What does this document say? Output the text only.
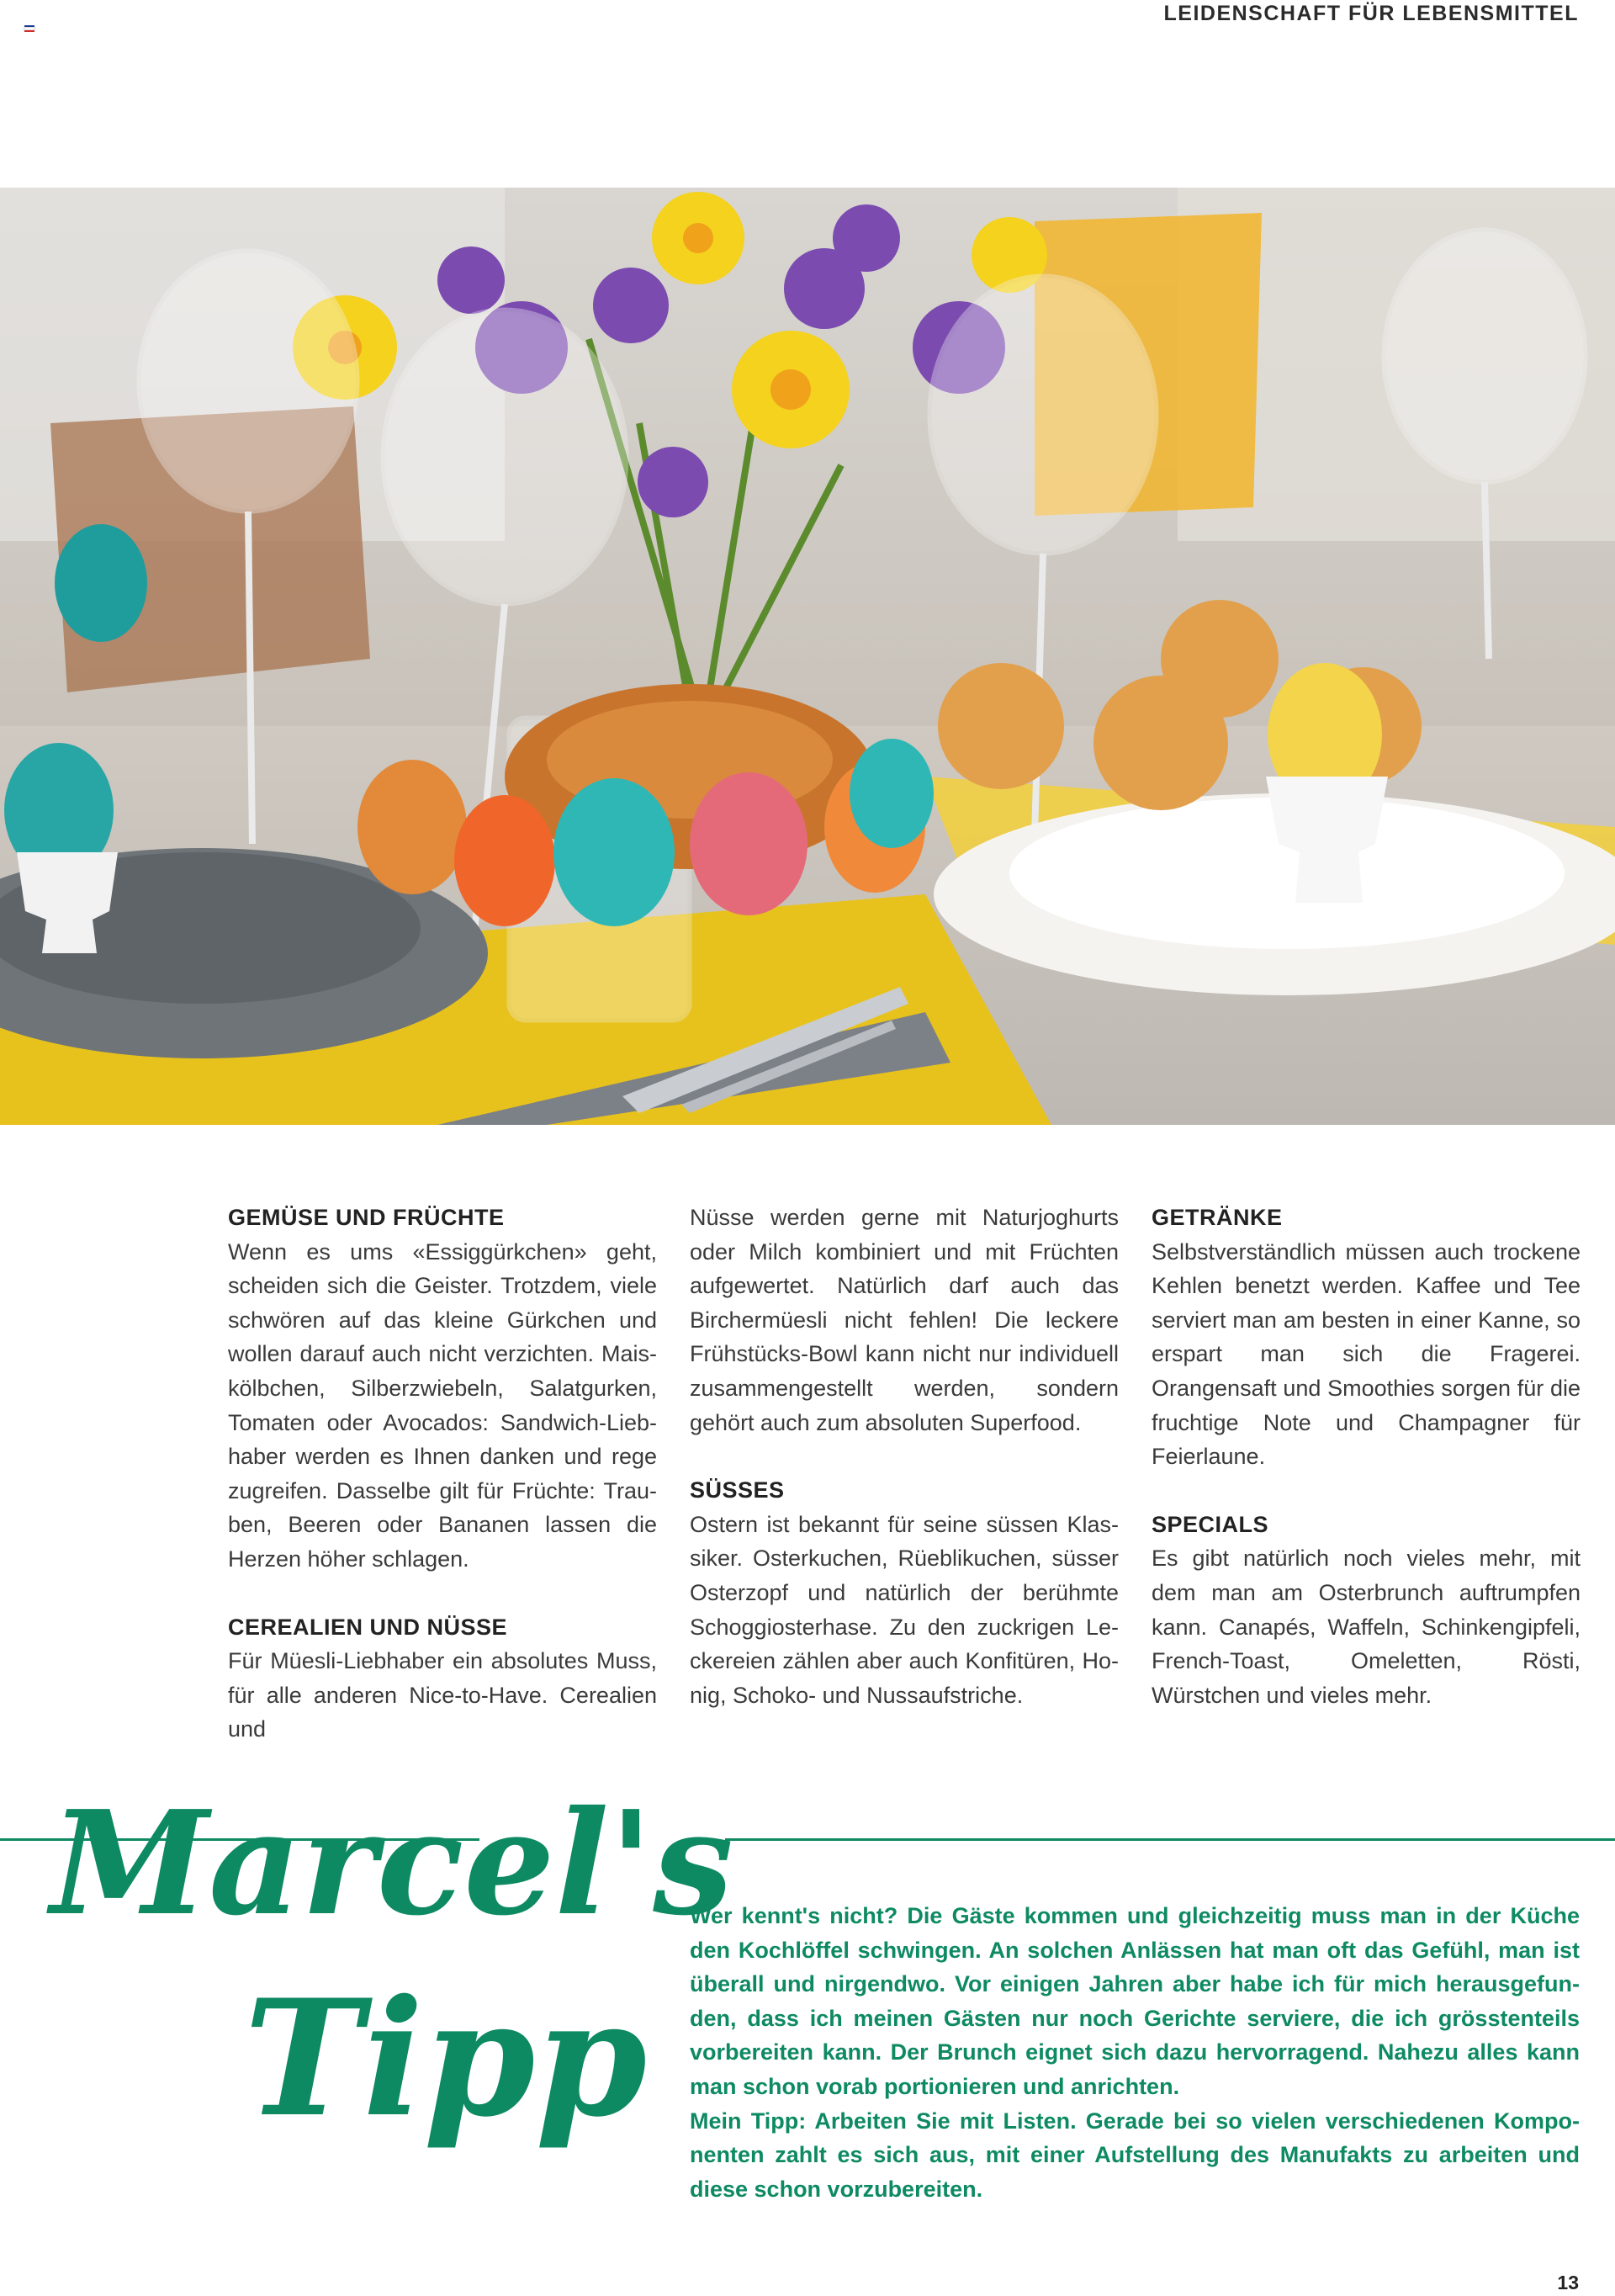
LEIDENSCHAFT FÜR LEBENSMITTEL
GEMÜSE UND FRÜCHTE

Wenn es ums «Essiggürkchen» geht, scheiden sich die Geister. Trotzdem, viele schwören auf das kleine Gürkchen und wollen darauf auch nicht verzichten. Maiskölbchen, Silberzwiebeln, Salatgurken, Tomaten oder Avocados: Sandwich-Liebhaber werden es Ihnen danken und rege zugreifen. Dasselbe gilt für Früchte: Trauben, Beeren oder Bananen lassen die Herzen höher schlagen.

CEREALIEN UND NÜSSE

Für Müesli-Liebhaber ein absolutes Muss, für alle anderen Nice-to-Have. Cerealien und

Nüsse werden gerne mit Naturjoghurts oder Milch kombiniert und mit Früchten aufgewertet. Natürlich darf auch das Birchermüesli nicht fehlen! Die leckere Frühstücks-Bowl kann nicht nur individuell zusammengestellt werden, sondern gehört auch zum absoluten Superfood.

SÜSSES

Ostern ist bekannt für seine süssen Klassiker. Osterkuchen, Rüeblikuchen, süsser Osterzopf und natürlich der berühmte Schoggiosterhase. Zu den zuckrigen Leckereien zählen aber auch Konfitüren, Honig, Schoko- und Nussaufstriche.

GETRÄNKE

Selbstverständlich müssen auch trockene Kehlen benetzt werden. Kaffee und Tee serviert man am besten in einer Kanne, so erspart man sich die Fragerei. Orangensaft und Smoothies sorgen für die fruchtige Note und Champagner für Feierlaune.

SPECIALS

Es gibt natürlich noch vieles mehr, mit dem man am Osterbrunch auftrumpfen kann. Canapés, Waffeln, Schinkengipfeli, French-Toast, Omeletten, Rösti, Würstchen und vieles mehr.

Marcel's
Tipp

Wer kennt's nicht? Die Gäste kommen und gleichzeitig muss man in der Küche den Kochlöffel schwingen. An solchen Anlässen hat man oft das Gefühl, man ist überall und nirgendwo. Vor einigen Jahren aber habe ich für mich herausgefunden, dass ich meinen Gästen nur noch Gerichte serviere, die ich grösstenteils vorbereiten kann. Der Brunch eignet sich dazu hervorragend. Nahezu alles kann man schon vorab portionieren und anrichten.

Mein Tipp: Arbeiten Sie mit Listen. Gerade bei so vielen verschiedenen Komponenten zahlt es sich aus, mit einer Aufstellung des Manufakts zu arbeiten und diese schon vorzubereiten.

13
